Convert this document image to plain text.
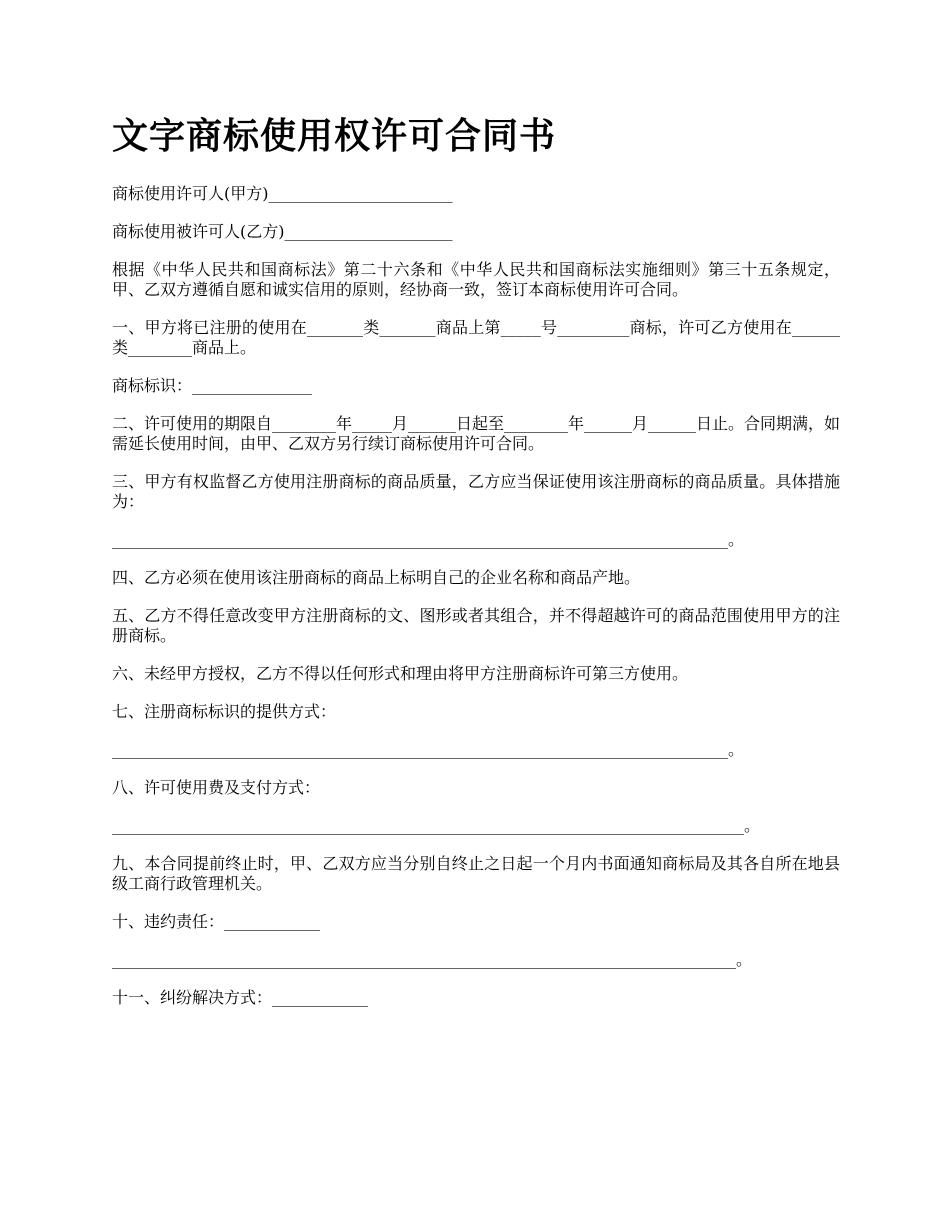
文字商标使用权许可合同书

商标使用许可人(甲方)_______________________

商标使用被许可人(乙方)_____________________

根据《中华人民共和国商标法》第二十六条和《中华人民共和国商标法实施细则》第三十五条规定，甲、乙双方遵循自愿和诚实信用的原则，经协商一致，签订本商标使用许可合同。

一、甲方将已注册的使用在_______类_______商品上第_____号_________商标，许可乙方使用在______类________商品上。

商标标识：_______________

二、许可使用的期限自________年_____月______日起至________年______月______日止。合同期满，如需延长使用时间，由甲、乙双方另行续订商标使用许可合同。

三、甲方有权监督乙方使用注册商标的商品质量，乙方应当保证使用该注册商标的商品质量。具体措施为：

_____________________________________________________________________________。

四、乙方必须在使用该注册商标的商品上标明自己的企业名称和商品产地。

五、乙方不得任意改变甲方注册商标的文、图形或者其组合，并不得超越许可的商品范围使用甲方的注册商标。

六、未经甲方授权，乙方不得以任何形式和理由将甲方注册商标许可第三方使用。

七、注册商标标识的提供方式：

_____________________________________________________________________________。

八、许可使用费及支付方式：

_______________________________________________________________________________。

九、本合同提前终止时，甲、乙双方应当分别自终止之日起一个月内书面通知商标局及其各自所在地县级工商行政管理机关。

十、违约责任：____________

______________________________________________________________________________。

十一、纠纷解决方式：____________
